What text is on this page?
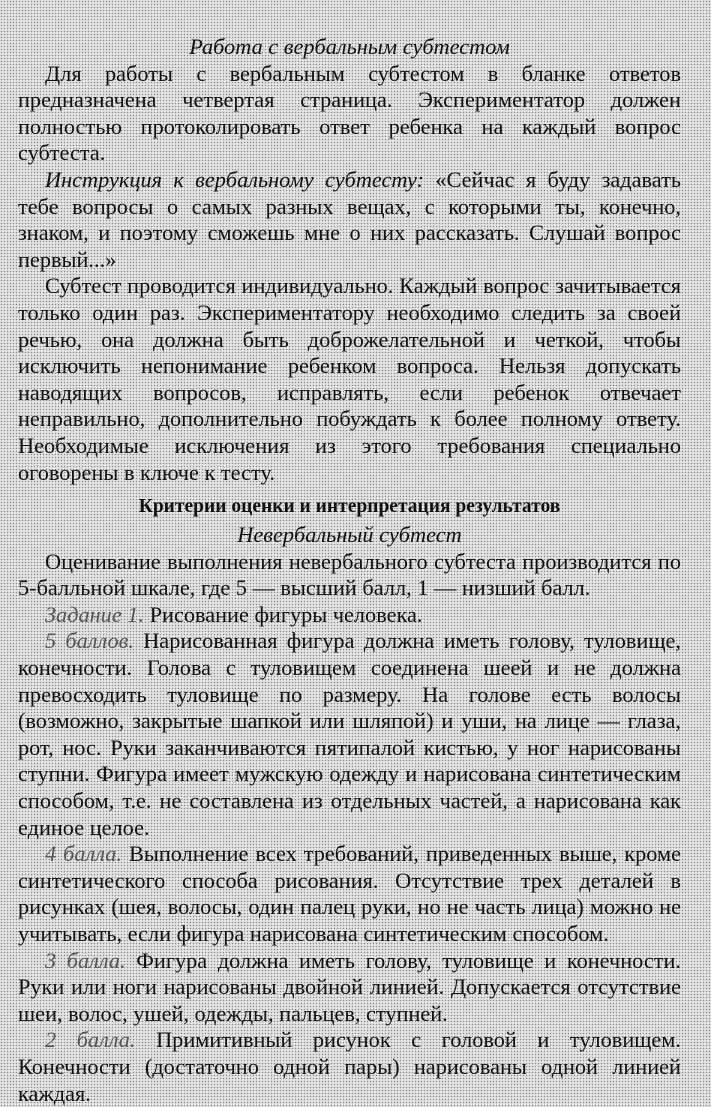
Работа с вербальным субтестом

Для работы с вербальным субтестом в бланке ответов предназначена четвертая страница. Экспериментатор должен полностью протоколировать ответ ребенка на каждый вопрос субтеста.

Инструкция к вербальному субтесту: «Сейчас я буду задавать тебе вопросы о самых разных вещах, с которыми ты, конечно, знаком, и поэтому сможешь мне о них рассказать. Слушай вопрос первый...»

Субтест проводится индивидуально. Каждый вопрос зачитывается только один раз. Экспериментатору необходимо следить за своей речью, она должна быть доброжелательной и четкой, чтобы исключить непонимание ребенком вопроса. Нельзя допускать наводящих вопросов, исправлять, если ребенок отвечает неправильно, дополнительно побуждать к более полному ответу. Необходимые исключения из этого требования специально оговорены в ключе к тесту.

Критерии оценки и интерпретация результатов
Невербальный субтест

Оценивание выполнения невербального субтеста производится по 5-балльной шкале, где 5 — высший балл, 1 — низший балл.

Задание 1. Рисование фигуры человека.

5 баллов. Нарисованная фигура должна иметь голову, туловище, конечности. Голова с туловищем соединена шеей и не должна превосходить туловище по размеру. На голове есть волосы (возможно, закрытые шапкой или шляпой) и уши, на лице — глаза, рот, нос. Руки заканчиваются пятипалой кистью, у ног нарисованы ступни. Фигура имеет мужскую одежду и нарисована синтетическим способом, т.е. не составлена из отдельных частей, а нарисована как единое целое.

4 балла. Выполнение всех требований, приведенных выше, кроме синтетического способа рисования. Отсутствие трех деталей в рисунках (шея, волосы, один палец руки, но не часть лица) можно не учитывать, если фигура нарисована синтетическим способом.

3 балла. Фигура должна иметь голову, туловище и конечности. Руки или ноги нарисованы двойной линией. Допускается отсутствие шеи, волос, ушей, одежды, пальцев, ступней.

2 балла. Примитивный рисунок с головой и туловищем. Конечности (достаточно одной пары) нарисованы одной линией каждая.
